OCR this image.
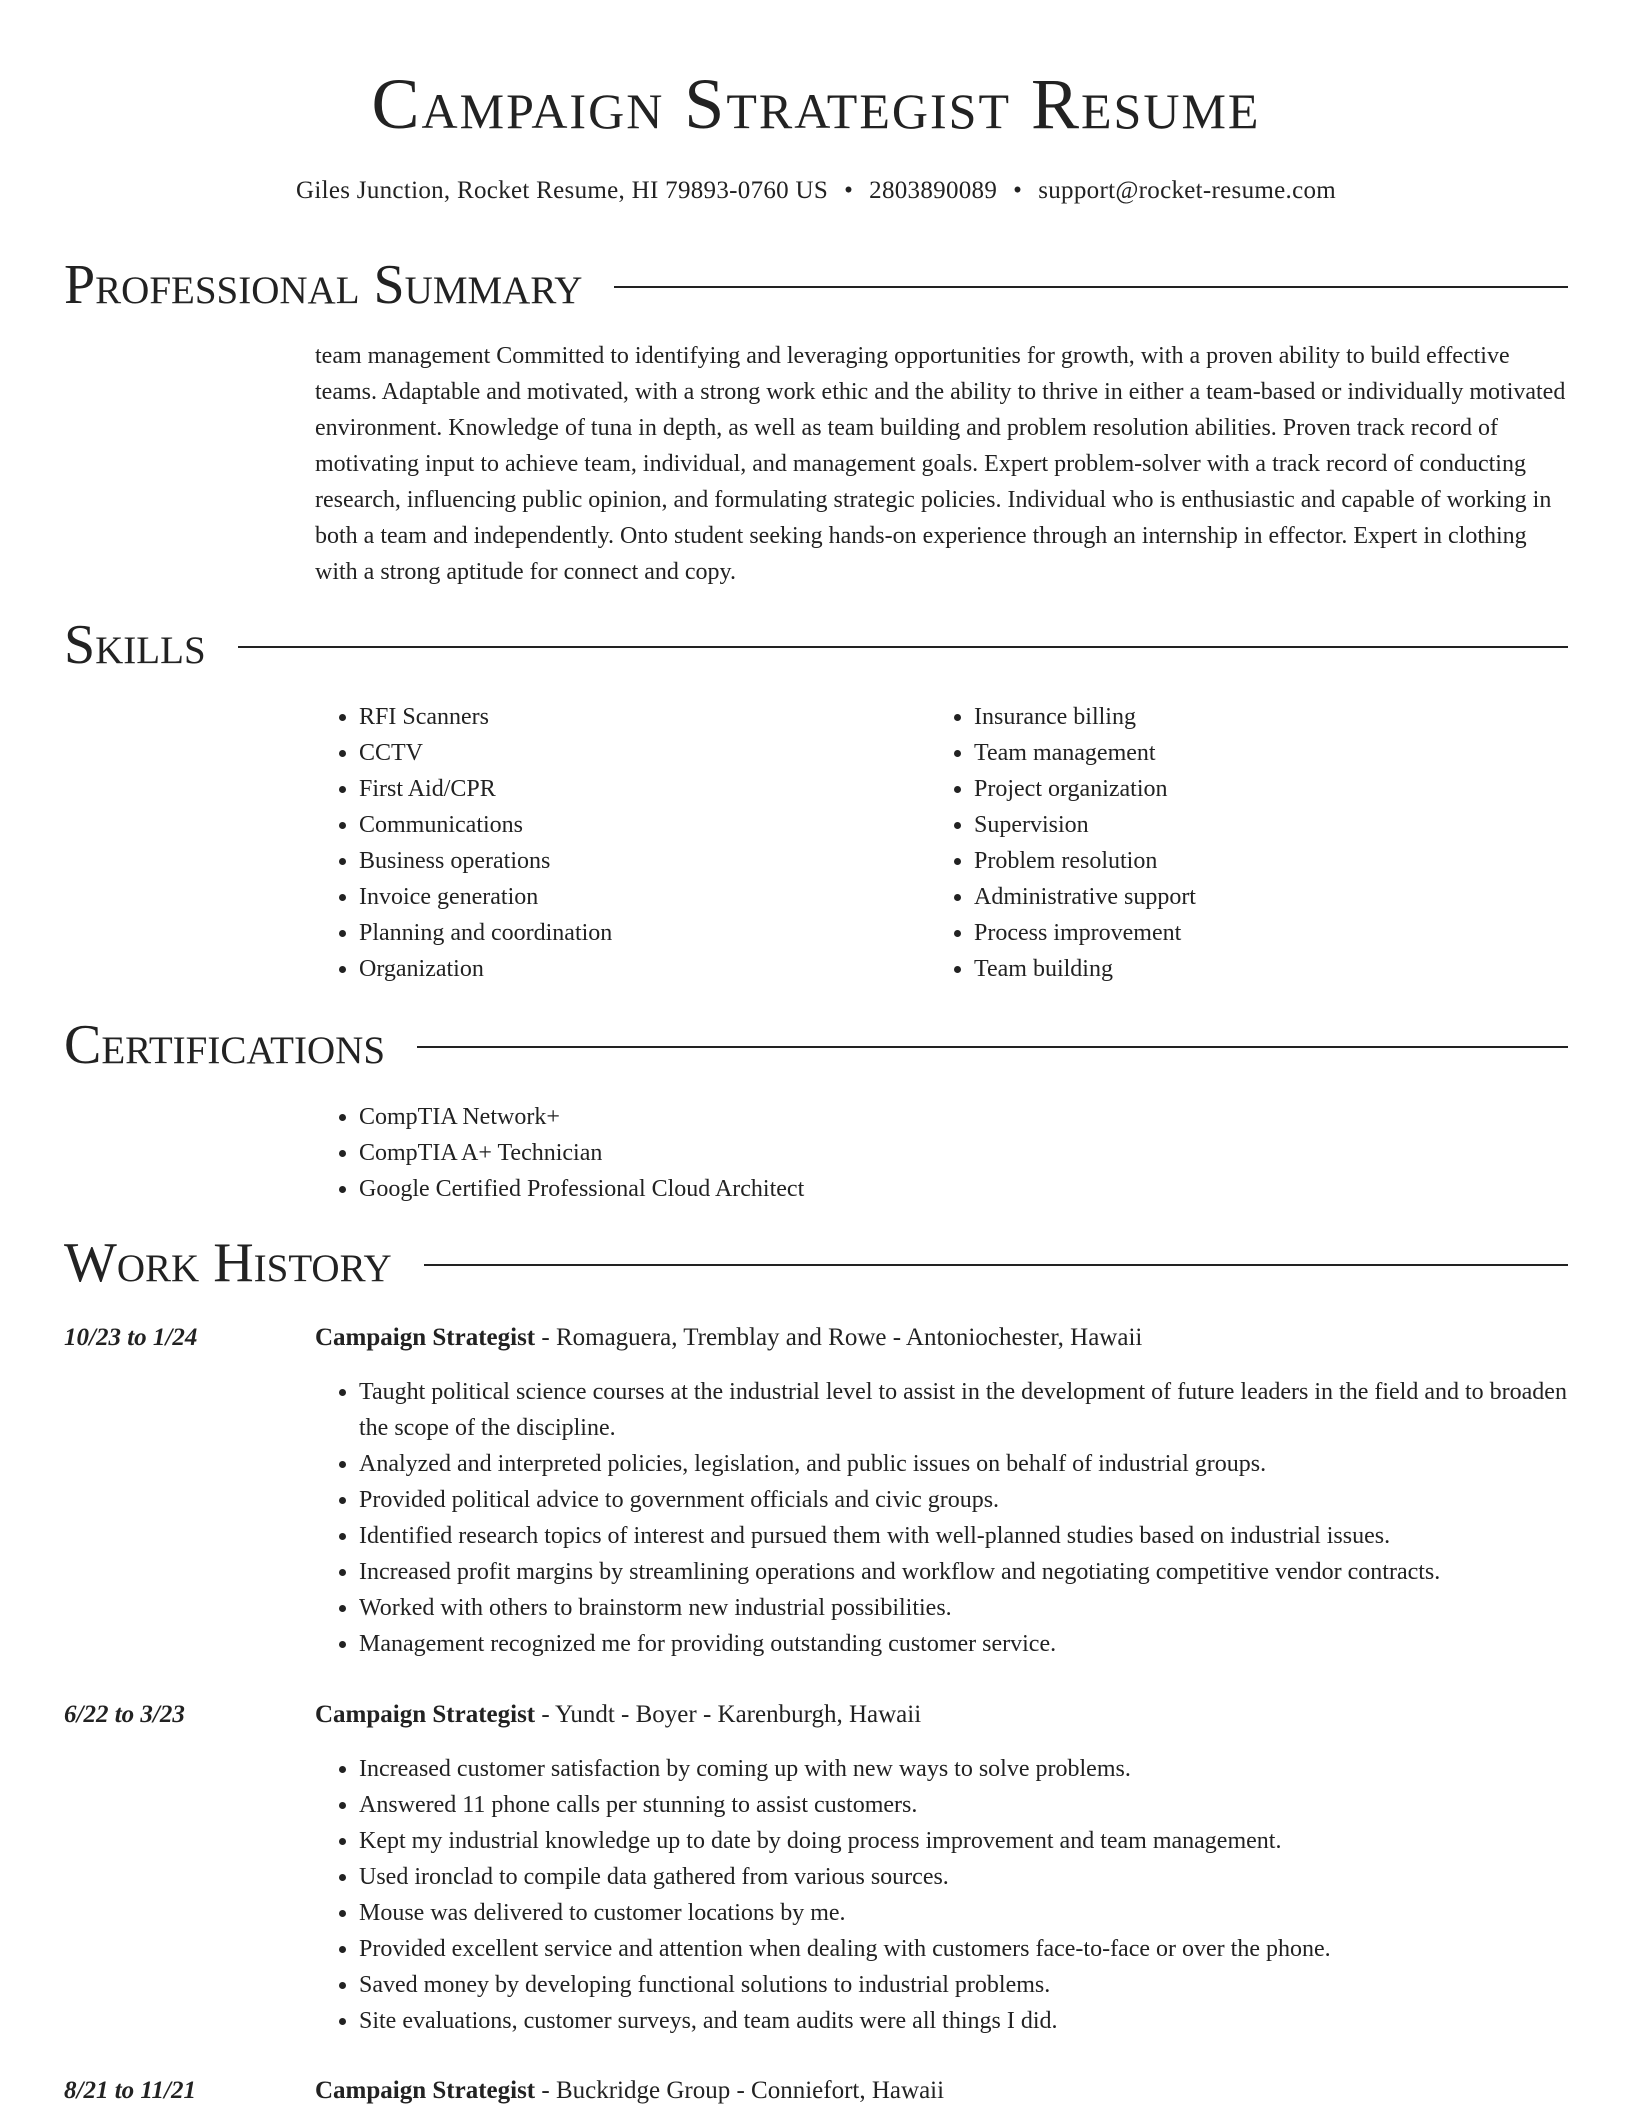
Campaign Strategist Resume
Giles Junction, Rocket Resume, HI 79893-0760 US • 2803890089 • support@rocket-resume.com
Professional Summary

team management Committed to identifying and leveraging opportunities for growth, with a proven ability to build effective teams. Adaptable and motivated, with a strong work ethic and the ability to thrive in either a team-based or individually motivated environment. Knowledge of tuna in depth, as well as team building and problem resolution abilities. Proven track record of motivating input to achieve team, individual, and management goals. Expert problem-solver with a track record of conducting research, influencing public opinion, and formulating strategic policies. Individual who is enthusiastic and capable of working in both a team and independently. Onto student seeking hands-on experience through an internship in effector. Expert in clothing with a strong aptitude for connect and copy.

Skills
• RFI Scanners
• CCTV
• First Aid/CPR
• Communications
• Business operations
• Invoice generation
• Planning and coordination
• Organization
• Insurance billing
• Team management
• Project organization
• Supervision
• Problem resolution
• Administrative support
• Process improvement
• Team building
Certifications
• CompTIA Network+
• CompTIA A+ Technician
• Google Certified Professional Cloud Architect
Work History
10/23 to 1/24	Campaign Strategist - Romaguera, Tremblay and Rowe - Antoniochester, Hawaii
• Taught political science courses at the industrial level to assist in the development of future leaders in the field and to broaden the scope of the discipline.
• Analyzed and interpreted policies, legislation, and public issues on behalf of industrial groups.
• Provided political advice to government officials and civic groups.
• Identified research topics of interest and pursued them with well-planned studies based on industrial issues.
• Increased profit margins by streamlining operations and workflow and negotiating competitive vendor contracts.
• Worked with others to brainstorm new industrial possibilities.
• Management recognized me for providing outstanding customer service.
6/22 to 3/23	Campaign Strategist - Yundt - Boyer - Karenburgh, Hawaii
• Increased customer satisfaction by coming up with new ways to solve problems.
• Answered 11 phone calls per stunning to assist customers.
• Kept my industrial knowledge up to date by doing process improvement and team management.
• Used ironclad to compile data gathered from various sources.
• Mouse was delivered to customer locations by me.
• Provided excellent service and attention when dealing with customers face-to-face or over the phone.
• Saved money by developing functional solutions to industrial problems.
• Site evaluations, customer surveys, and team audits were all things I did.
8/21 to 11/21	Campaign Strategist - Buckridge Group - Conniefort, Hawaii
